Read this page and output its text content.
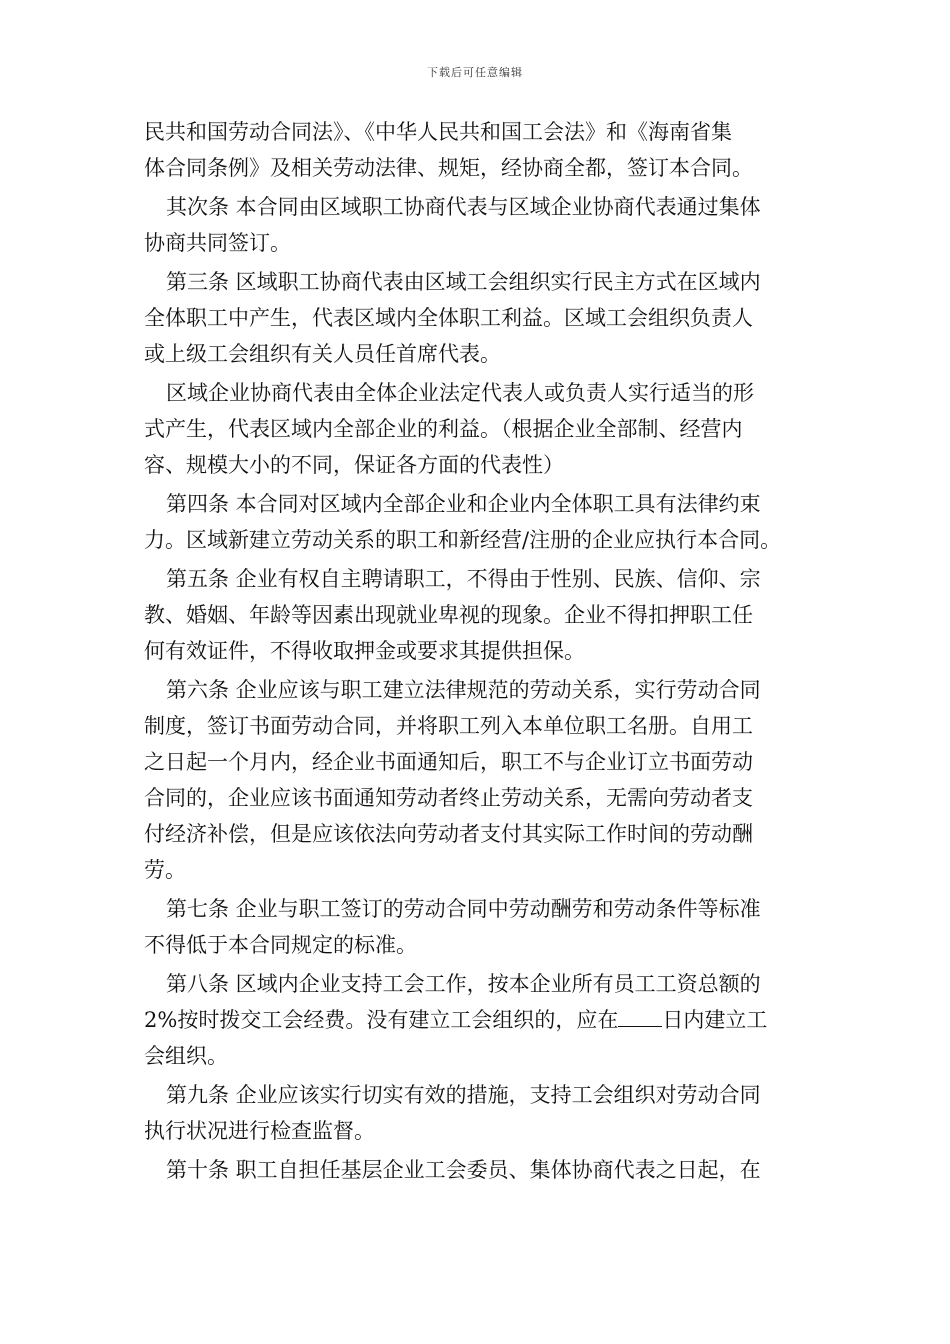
下载后可任意编辑

民共和国劳动合同法》、《中华人民共和国工会法》和《海南省集
体合同条例》及相关劳动法律、规矩，经协商全都，签订本合同。

其次条 本合同由区域职工协商代表与区域企业协商代表通过集体
协商共同签订。

第三条 区域职工协商代表由区域工会组织实行民主方式在区域内
全体职工中产生，代表区域内全体职工利益。区域工会组织负责人
或上级工会组织有关人员任首席代表。

区域企业协商代表由全体企业法定代表人或负责人实行适当的形
式产生，代表区域内全部企业的利益。（根据企业全部制、经营内
容、规模大小的不同，保证各方面的代表性）

第四条 本合同对区域内全部企业和企业内全体职工具有法律约束
力。区域新建立劳动关系的职工和新经营/注册的企业应执行本合同。

第五条 企业有权自主聘请职工，不得由于性别、民族、信仰、宗
教、婚姻、年龄等因素出现就业卑视的现象。企业不得扣押职工任
何有效证件，不得收取押金或要求其提供担保。

第六条 企业应该与职工建立法律规范的劳动关系，实行劳动合同
制度，签订书面劳动合同，并将职工列入本单位职工名册。自用工
之日起一个月内，经企业书面通知后，职工不与企业订立书面劳动
合同的，企业应该书面通知劳动者终止劳动关系，无需向劳动者支
付经济补偿，但是应该依法向劳动者支付其实际工作时间的劳动酬
劳。

第七条 企业与职工签订的劳动合同中劳动酬劳和劳动条件等标准
不得低于本合同规定的标准。

第八条 区域内企业支持工会工作，按本企业所有员工工资总额的
2%按时拨交工会经费。没有建立工会组织的，应在 日内建立工
会组织。

第九条 企业应该实行切实有效的措施，支持工会组织对劳动合同
执行状况进行检查监督。

第十条 职工自担任基层企业工会委员、集体协商代表之日起，在
